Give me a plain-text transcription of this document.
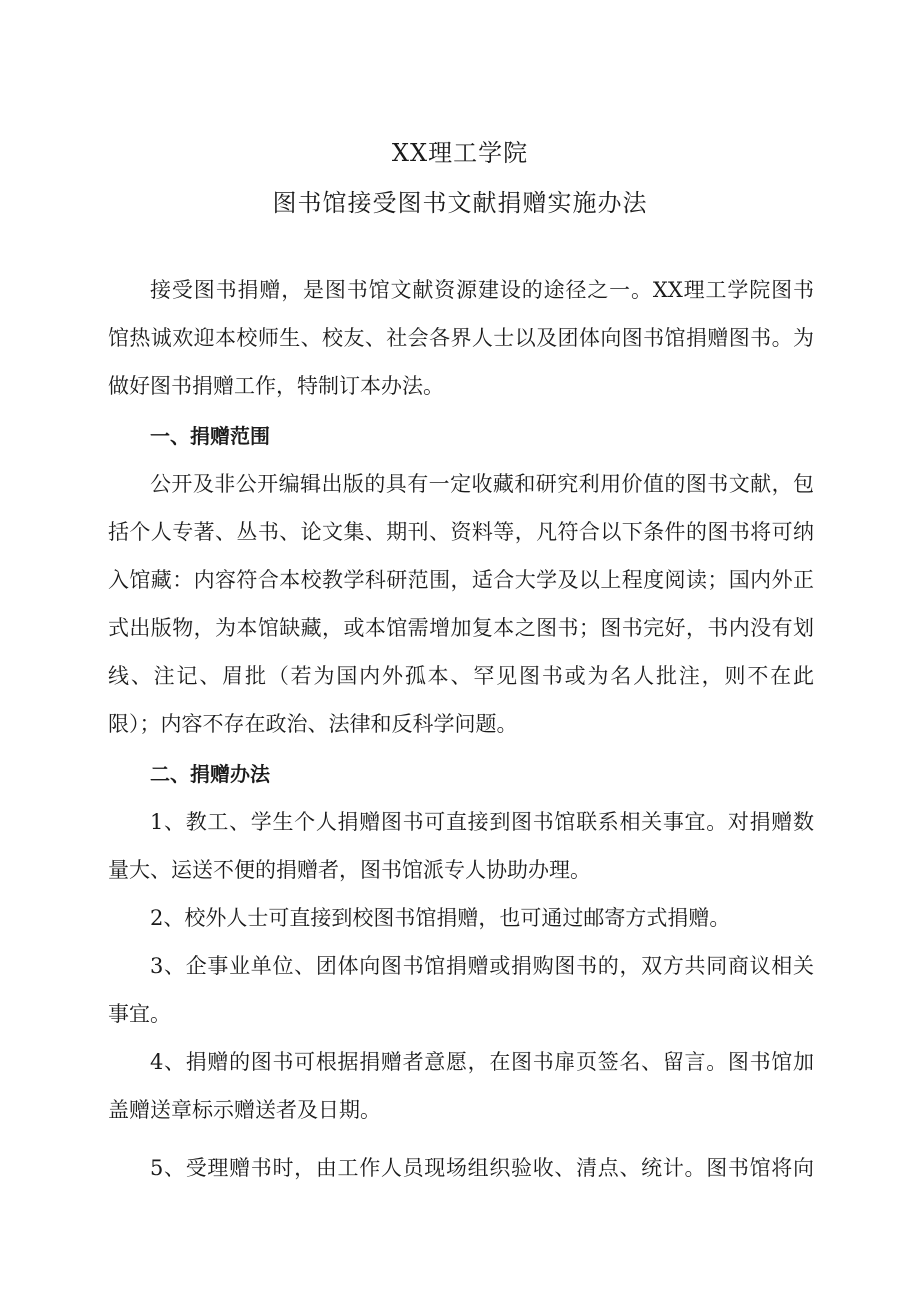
XX理工学院
图书馆接受图书文献捐赠实施办法
接受图书捐赠，是图书馆文献资源建设的途径之一。XX理工学院图书
馆热诚欢迎本校师生、校友、社会各界人士以及团体向图书馆捐赠图书。为
做好图书捐赠工作，特制订本办法。
一、捐赠范围
公开及非公开编辑出版的具有一定收藏和研究利用价值的图书文献，包
括个人专著、丛书、论文集、期刊、资料等，凡符合以下条件的图书将可纳
入馆藏：内容符合本校教学科研范围，适合大学及以上程度阅读；国内外正
式出版物，为本馆缺藏，或本馆需增加复本之图书；图书完好，书内没有划
线、注记、眉批（若为国内外孤本、罕见图书或为名人批注，则不在此
限）；内容不存在政治、法律和反科学问题。
二、捐赠办法
1、教工、学生个人捐赠图书可直接到图书馆联系相关事宜。对捐赠数
量大、运送不便的捐赠者，图书馆派专人协助办理。
2、校外人士可直接到校图书馆捐赠，也可通过邮寄方式捐赠。
3、企事业单位、团体向图书馆捐赠或捐购图书的，双方共同商议相关
事宜。
4、捐赠的图书可根据捐赠者意愿，在图书扉页签名、留言。图书馆加
盖赠送章标示赠送者及日期。
5、受理赠书时，由工作人员现场组织验收、清点、统计。图书馆将向
